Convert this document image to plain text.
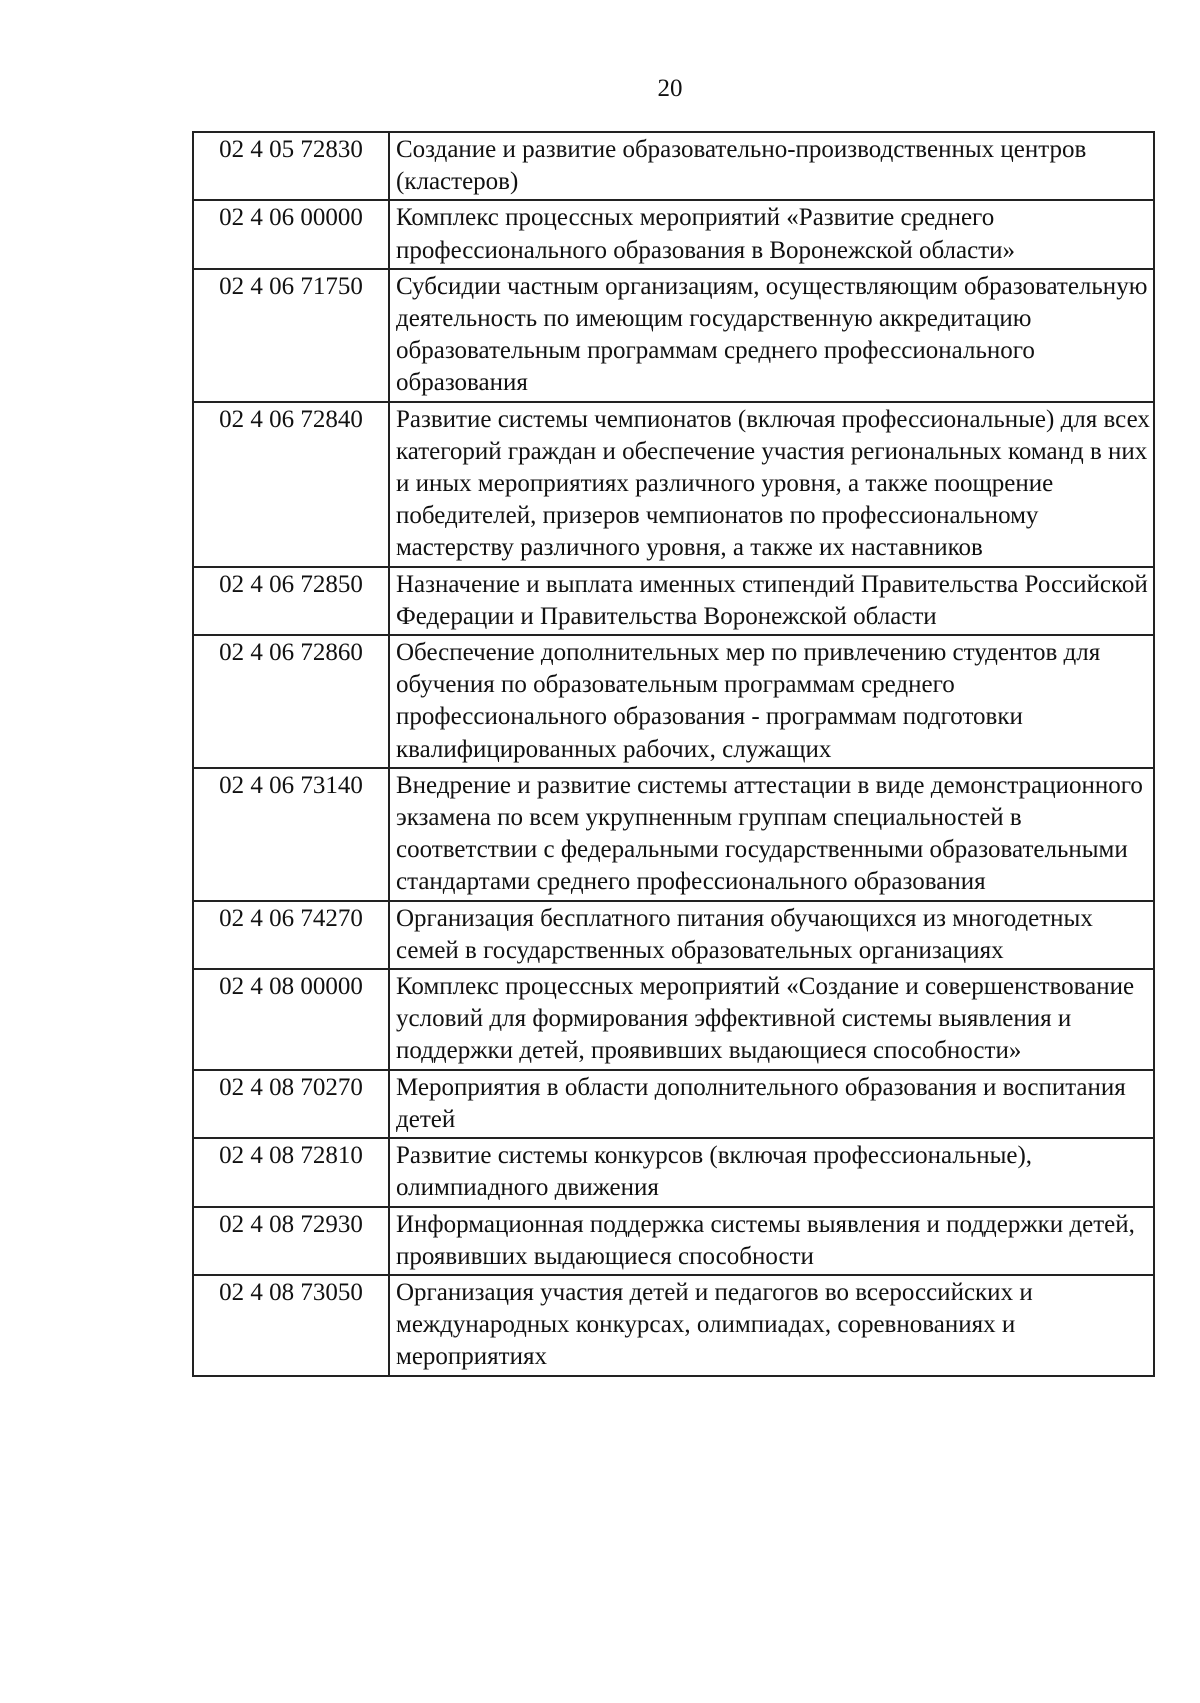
20
02 4 05 72830	Создание и развитие образовательно-производственных центров (кластеров)
02 4 06 00000	Комплекс процессных мероприятий «Развитие среднего профессионального образования в Воронежской области»
02 4 06 71750	Субсидии частным организациям, осуществляющим образовательную деятельность по имеющим государственную аккредитацию образовательным программам среднего профессионального образования
02 4 06 72840	Развитие системы чемпионатов (включая профессиональные) для всех категорий граждан и обеспечение участия региональных команд в них и иных мероприятиях различного уровня, а также поощрение победителей, призеров чемпионатов по профессиональному мастерству различного уровня, а также их наставников
02 4 06 72850	Назначение и выплата именных стипендий Правительства Российской Федерации и Правительства Воронежской области
02 4 06 72860	Обеспечение дополнительных мер по привлечению студентов для обучения по образовательным программам среднего профессионального образования - программам подготовки квалифицированных рабочих, служащих
02 4 06 73140	Внедрение и развитие системы аттестации в виде демонстрационного экзамена по всем укрупненным группам специальностей в соответствии с федеральными государственными образовательными стандартами среднего профессионального образования
02 4 06 74270	Организация бесплатного питания обучающихся из многодетных семей в государственных образовательных организациях
02 4 08 00000	Комплекс процессных мероприятий «Создание и совершенствование условий для формирования эффективной системы выявления и поддержки детей, проявивших выдающиеся способности»
02 4 08 70270	Мероприятия в области дополнительного образования и воспитания детей
02 4 08 72810	Развитие системы конкурсов (включая профессиональные), олимпиадного движения
02 4 08 72930	Информационная поддержка системы выявления и поддержки детей, проявивших выдающиеся способности
02 4 08 73050	Организация участия детей и педагогов во всероссийских и международных конкурсах, олимпиадах, соревнованиях и мероприятиях
